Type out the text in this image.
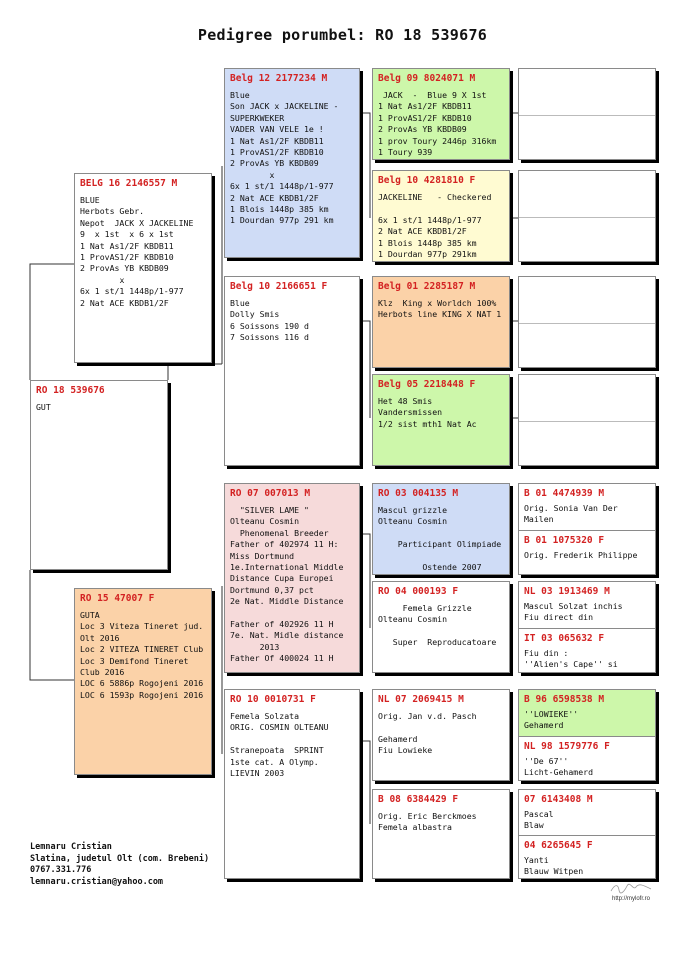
Pedigree porumbel: RO 18 539676
RO 18 539676
GUT
BELG 16 2146557 M
BLUE
Herbots Gebr.
Nepot  JACK X JACKELINE
9  x 1st  x 6 x 1st
1 Nat As1/2F KBDB11
1 ProvAS1/2F KBDB10
2 ProvAs YB KBDB09
x
6x 1 st/1 1448p/1-977
2 Nat ACE KBDB1/2F
RO 15 47007 F
GUTA
Loc 3 Viteza Tineret jud. Olt 2016
Loc 2 VITEZA TINERET Club
Loc 3 Demifond Tineret Club 2016
LOC 6 5886p Rogojeni 2016
LOC 6 1593p Rogojeni 2016
Belg 12 2177234 M
Blue
Son JACK x JACKELINE - SUPERKWEKER
VADER VAN VELE 1e !
1 Nat As1/2F KBDB11
1 ProvAS1/2F KBDB10
2 ProvAs YB KBDB09
x
6x 1 st/1 1448p/1-977
2 Nat ACE KBDB1/2F
1 Blois 1448p 385 km
1 Dourdan 977p 291 km
Belg 10 2166651 F
Blue
Dolly Smis
6 Soissons 190 d
7 Soissons 116 d
RO 07 007013 M
"SILVER LAME "
Olteanu Cosmin
Phenomenal Breeder
Father of 402974 11 H: Miss Dortmund
1e.International Middle Distance Cupa Europei Dortmund 0,37 pct
2e Nat. Middle Distance

Father of 402926 11 H
7e. Nat. Midle distance
2013
Father Of 400024 11 H
RO 10 0010731 F
Femela Solzata
ORIG. COSMIN OLTEANU

Stranepoata  SPRINT
1ste cat. A Olymp.
LIEVIN 2003
Belg 09 8024071 M
JACK  -  Blue 9 X 1st
1 Nat As1/2F KBDB11
1 ProvAS1/2F KBDB10
2 ProvAs YB KBDB09
1 prov Toury 2446p 316km
1 Toury 939
Belg 10 4281810 F
JACKELINE   - Checkered

6x 1 st/1 1448p/1-977
2 Nat ACE KBDB1/2F
1 Blois 1448p 385 km
1 Dourdan 977p 291km
Belg 01 2285187 M
Klz  King x Worldch 100%
Herbots line KING X NAT 1
Belg 05 2218448 F
Het 48 Smis
Vandersmissen
1/2 sist mth1 Nat Ac
RO 03 004135 M
Mascul grizzle
Olteanu Cosmin

Participant Olimpiade

Ostende 2007
RO 04 000193 F
Femela Grizzle
Olteanu Cosmin

Super  Reproducatoare
NL 07 2069415 M
Orig. Jan v.d. Pasch

Gehamerd
Fiu Lowieke
B 08 6384429 F
Orig. Eric Berckmoes
Femela albastra
B 01 4474939 M
Orig. Sonia Van Der Mailen
B 01 1075320 F
Orig. Frederik Philippe
NL 03 1913469 M
Mascul Solzat inchis
Fiu direct din
IT 03 065632 F
Fiu din :
''Alien's Cape'' si
B 96 6598538 M
''LOWIEKE''
Gehamerd
NL 98 1579776 F
''De 67''
Licht-Gehamerd
07 6143408 M
Pascal
Blaw
04 6265645 F
Yanti
Blauw Witpen
Lemnaru Cristian
Slatina, judetul Olt (com. Brebeni)
0767.331.776
lemnaru.cristian@yahoo.com
http://mylofr.ro
